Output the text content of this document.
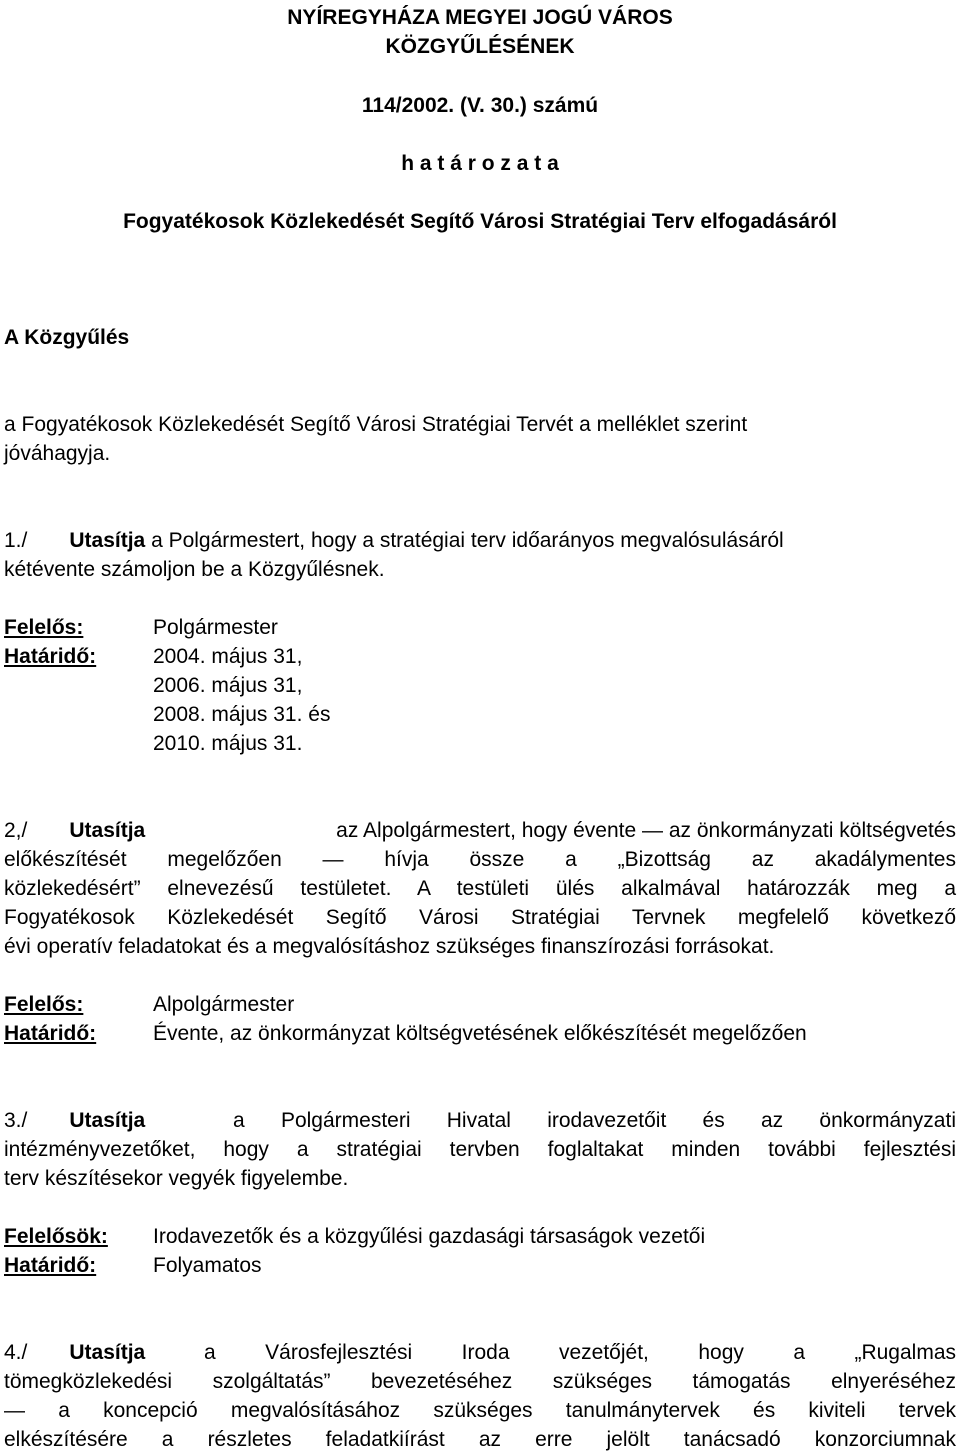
NYÍREGYHÁZA MEGYEI JOGÚ VÁROS
KÖZGYŰLÉSÉNEK
114/2002. (V. 30.) számú
h a t á r o z a t a
Fogyatékosok Közlekedését Segítő Városi Stratégiai Terv elfogadásáról
A Közgyűlés
a Fogyatékosok Közlekedését Segítő Városi Stratégiai Tervét a melléklet szerint
jóváhagyja.
1./ Utasítja a Polgármestert, hogy a stratégiai terv időarányos megvalósulásáról
kétévente számoljon be a Közgyűlésnek.
Felelős:	Polgármester
Határidő:	2004. május 31,
2006. május 31,
2008. május 31. és
2010. május 31.
2,/ Utasítja	az Alpolgármestert, hogy évente — az önkormányzati költségvetés
előkészítését megelőzően — hívja össze a „Bizottság az akadálymentes
közlekedésért” elnevezésű testületet. A testületi ülés alkalmával határozzák meg a
Fogyatékosok Közlekedését Segítő Városi Stratégiai Tervnek megfelelő következő
évi operatív feladatokat és a megvalósításhoz szükséges finanszírozási forrásokat.
Felelős:	Alpolgármester
Határidő:	Évente, az önkormányzat költségvetésének előkészítését megelőzően
3./ Utasítja	a Polgármesteri Hivatal irodavezetőit és az önkormányzati
intézményvezetőket, hogy a stratégiai tervben foglaltakat minden további fejlesztési
terv készítésekor vegyék figyelembe.
Felelősök: Irodavezetők és a közgyűlési gazdasági társaságok vezetői
Határidő:	Folyamatos
4./ Utasítja	a Városfejlesztési Iroda vezetőjét, hogy a „Rugalmas
tömegközlekedési szolgáltatás” bevezetéséhez szükséges támogatás elnyeréséhez
— a koncepció megvalósításához szükséges tanulmánytervek és kiviteli tervek
elkészítésére a részletes feladatkiírást az erre jelölt tanácsadó konzorciumnak
